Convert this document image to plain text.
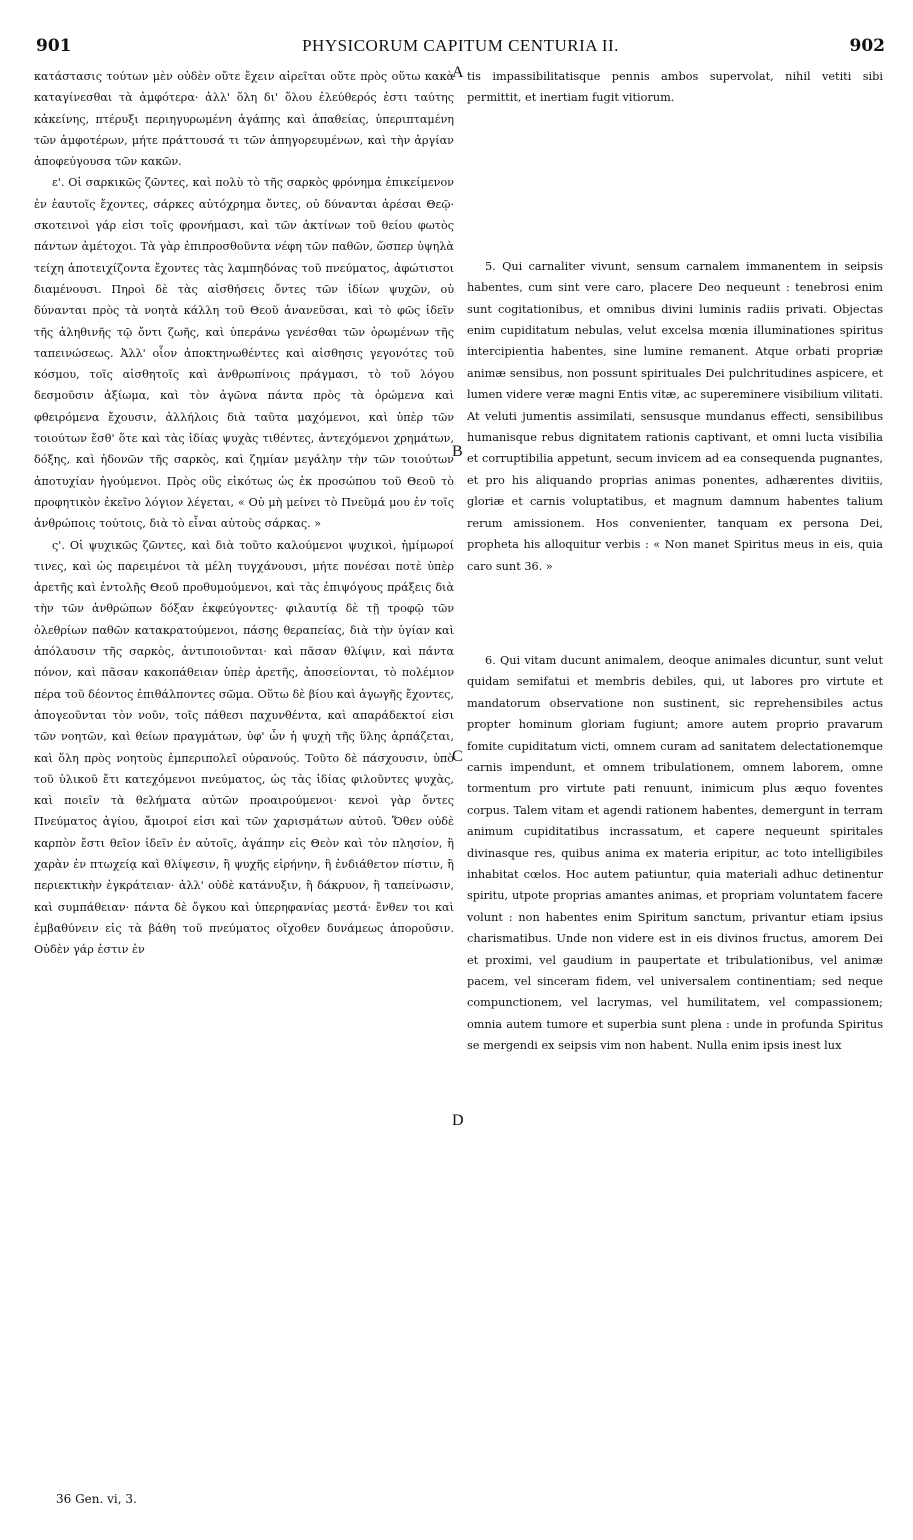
901	PHYSICORUM CAPITUM CENTURIA II.	902

κατάστασις τούτων μὲν οὐδὲν οὔτε ἔχειν αἱρεῖται οὔτε πρὸς οὕτω κακὰ καταγίνεσθαι τὰ ἀμφότερα· ἀλλ' ὅλη δι' ὅλου ἐλεύθερός ἐστι ταύτης κἀκείνης, πτέρυξι περιηγυρωμένη ἀγάπης καὶ ἀπαθείας, ὑπεριπταμένη τῶν ἀμφοτέρων, μήτε πράττουσά τι τῶν ἀπηγορευμένων, καὶ τὴν ἀργίαν ἀποφεύγουσα τῶν κακῶν.

ε'. Οἱ σαρκικῶς ζῶντες, καὶ πολὺ τὸ τῆς σαρκὸς φρόνημα ἐπικείμενον ἐν ἑαυτοῖς ἔχοντες, σάρκες αὐτόχρημα ὄντες, οὐ δύνανται ἀρέσαι Θεῷ· σκοτεινοὶ γάρ εἰσι τοῖς φρονήμασι, καὶ τῶν ἀκτίνων τοῦ θείου φωτὸς πάντων ἀμέτοχοι. Τὰ γὰρ ἐπιπροσθοῦντα νέφη τῶν παθῶν, ὥσπερ ὑψηλὰ τείχη ἀποτειχίζοντα ἔχοντες τὰς λαμπηδόνας τοῦ πνεύματος, ἀφώτιστοι διαμένουσι. Πηροὶ δὲ τὰς αἰσθήσεις ὄντες τῶν ἰδίων ψυχῶν, οὐ δύνανται πρὸς τὰ νοητὰ κάλλη τοῦ Θεοῦ ἀνανεῦσαι, καὶ τὸ φῶς ἰδεῖν τῆς ἀληθινῆς τῷ ὄντι ζωῆς, καὶ ὑπεράνω γενέσθαι τῶν ὁρωμένων τῆς ταπεινώσεως. Ἀλλ' οἷον ἀποκτηνωθέντες καὶ αἰσθησις γεγονότες τοῦ κόσμου, τοῖς αἰσθητοῖς καὶ ἀνθρωπίνοις πράγμασι, τὸ τοῦ λόγου δεσμοῦσιν ἀξίωμα, καὶ τὸν ἀγῶνα πάντα πρὸς τὰ ὁρώμενα καὶ φθειρόμενα ἔχουσιν, ἀλλήλοις διὰ ταῦτα μαχόμενοι, καὶ ὑπὲρ τῶν τοιούτων ἔσθ' ὅτε καὶ τὰς ἰδίας ψυχὰς τιθέντες, ἀντεχόμενοι χρημάτων, δόξης, καὶ ἡδονῶν τῆς σαρκὸς, καὶ ζημίαν μεγάλην τὴν τῶν τοιούτων ἀποτυχίαν ἡγούμενοι. Πρὸς οὓς εἰκότως ὡς ἐκ προσώπου τοῦ Θεοῦ τὸ προφητικὸν ἐκεῖνο λόγιον λέγεται, « Οὐ μὴ μείνει τὸ Πνεῦμά μου ἐν τοῖς ἀνθρώποις τούτοις, διὰ τὸ εἶναι αὐτοὺς σάρκας. »

ς'. Οἱ ψυχικῶς ζῶντες, καὶ διὰ τοῦτο καλούμενοι ψυχικοὶ, ἡμίμωροί τινες, καὶ ὡς παρειμένοι τὰ μέλη τυγχάνουσι, μήτε πονέσαι ποτὲ ὑπὲρ ἀρετῆς καὶ ἐντολῆς Θεοῦ προθυμούμενοι, καὶ τὰς ἐπιψόγους πράξεις διὰ τὴν τῶν ἀνθρώπων δόξαν ἐκφεύγοντες· φιλαυτίᾳ δὲ τῇ τροφῷ τῶν ὀλεθρίων παθῶν κατακρατούμενοι, πάσης θεραπείας, διὰ τὴν ὑγίαν καὶ ἀπόλαυσιν τῆς σαρκὸς, ἀντιποιοῦνται· καὶ πᾶσαν θλίψιν, καὶ πάντα πόνον, καὶ πᾶσαν κακοπάθειαν ὑπὲρ ἀρετῆς, ἀποσείονται, τὸ πολέμιον πέρα τοῦ δέοντος ἐπιθάλποντες σῶμα. Οὕτω δὲ βίου καὶ ἀγωγῆς ἔχοντες, ἀπογεοῦνται τὸν νοῦν, τοῖς πάθεσι παχυνθέντα, καὶ απαράδεκτοί εἰσι τῶν νοητῶν, καὶ θείων πραγμάτων, ὑφ' ὧν ἡ ψυχὴ τῆς ὕλης ἁρπάζεται, καὶ ὅλη πρὸς νοητοὺς ἐμπεριπολεῖ οὐρανούς. Τοῦτο δὲ πάσχουσιν, ὑπὸ τοῦ ὑλικοῦ ἔτι κατεχόμενοι πνεύματος, ὡς τὰς ἰδίας φιλοῦντες ψυχὰς, καὶ ποιεῖν τὰ θελήματα αὐτῶν προαιρούμενοι· κενοὶ γὰρ ὄντες Πνεύματος ἁγίου, ἄμοιροί εἰσι καὶ τῶν χαρισμάτων αὐτοῦ. Ὅθεν οὐδὲ καρπὸν ἔστι θεῖον ἰδεῖν ἐν αὐτοῖς, ἀγάπην εἰς Θεὸν καὶ τὸν πλησίον, ἢ χαρὰν ἐν πτωχείᾳ καὶ θλίψεσιν, ἢ ψυχῆς εἰρήνην, ἢ ἐνδιάθετον πίστιν, ἢ περιεκτικὴν ἐγκράτειαν· ἀλλ' οὐδὲ κατάνυξιν, ἢ δάκρυον, ἢ ταπείνωσιν, καὶ συμπάθειαν· πάντα δὲ ὄγκου καὶ ὑπερηφανίας μεστά· ἔνθεν τοι καὶ ἐμβαθύνειν εἰς τὰ βάθη τοῦ πνεύματος οἴχοθεν δυνάμεως ἀποροῦσιν. Οὐδὲν γάρ ἐστιν ἐν

tis impassibilitatisque pennis ambos supervolat, nihil vetiti sibi permittit, et inertiam fugit vitiorum.

5. Qui carnaliter vivunt, sensum carnalem immanentem in seipsis habentes, cum sint vere caro, placere Deo nequeunt : tenebrosi enim sunt cogitationibus, et omnibus divini luminis radiis privati. Objectas enim cupiditatum nebulas, velut excelsa mœnia illuminationes spiritus intercipientia habentes, sine lumine remanent. Atque orbati propriæ animæ sensibus, non possunt spirituales Dei pulchritudines aspicere, et lumen videre veræ magni Entis vitæ, ac supereminere visibilium vilitati. At veluti jumentis assimilati, sensusque mundanus effecti, sensibilibus humanisque rebus dignitatem rationis captivant, et omni lucta visibilia et corruptibilia appetunt, secum invicem ad ea consequenda pugnantes, et pro his aliquando proprias animas ponentes, adhærentes divitiis, gloriæ et carnis voluptatibus, et magnum damnum habentes talium rerum amissionem. Hos convenienter, tanquam ex persona Dei, propheta his alloquitur verbis : « Non manet Spiritus meus in eis, quia caro sunt 36. »

6. Qui vitam ducunt animalem, deoque animales dicuntur, sunt velut quidam semifatui et membris debiles, qui, ut labores pro virtute et mandatorum observatione non sustinent, sic reprehensibiles actus propter hominum gloriam fugiunt; amore autem proprio pravarum fomite cupiditatum victi, omnem curam ad sanitatem delectationemque carnis impendunt, et omnem tribulationem, omnem laborem, omne tormentum pro virtute pati renuunt, inimicum plus æquo foventes corpus. Talem vitam et agendi rationem habentes, demergunt in terram animum cupiditatibus incrassatum, et capere nequeunt spiritales divinasque res, quibus anima ex materia eripitur, ac toto intelligibiles inhabitat cœlos. Hoc autem patiuntur, quia materiali adhuc detinentur spiritu, utpote proprias amantes animas, et propriam voluntatem facere volunt : non habentes enim Spiritum sanctum, privantur etiam ipsius charismatibus. Unde non videre est in eis divinos fructus, amorem Dei et proximi, vel gaudium in paupertate et tribulationibus, vel animæ pacem, vel sinceram fidem, vel universalem continentiam; sed neque compunctionem, vel lacrymas, vel humilitatem, vel compassionem; omnia autem tumore et superbia sunt plena : unde in profunda Spiritus se mergendi ex seipsis vim non habent. Nulla enim ipsis inest lux

A
B
C
D
36 Gen. vi, 3.
